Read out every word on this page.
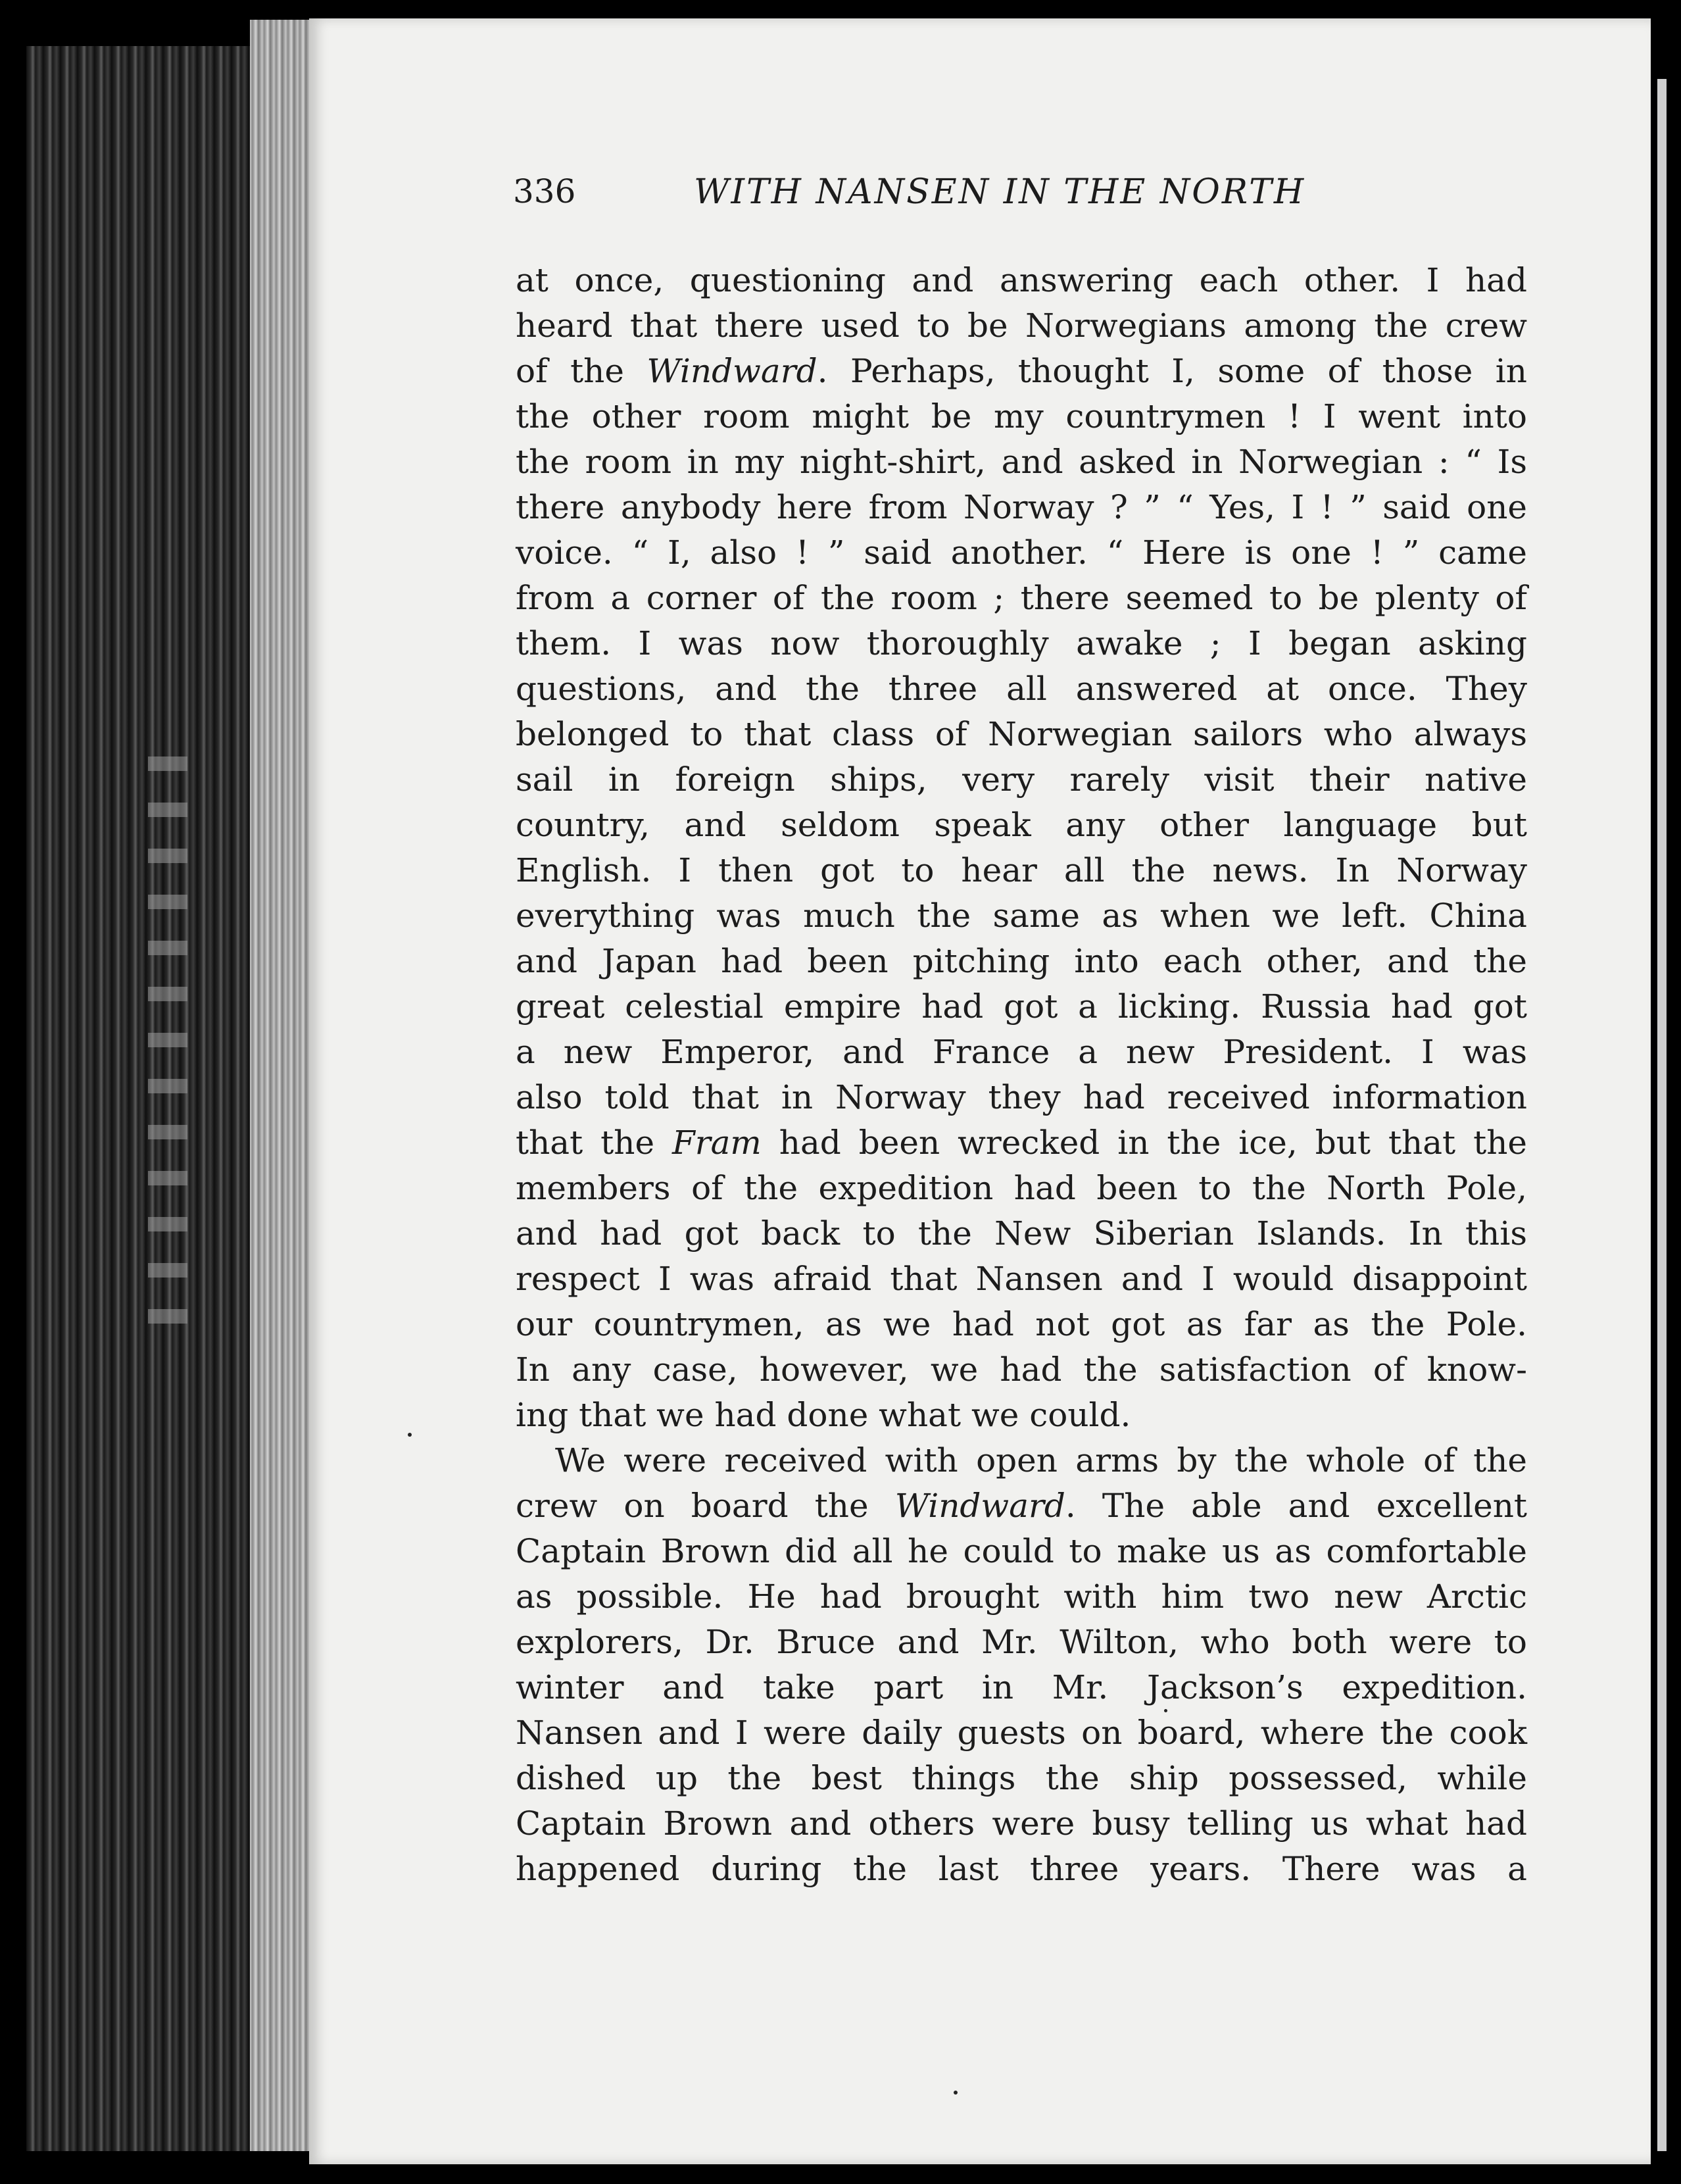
336	WITH NANSEN IN THE NORTH
at once, questioning and answering each other. I had
heard that there used to be Norwegians among the crew
of the Windward. Perhaps, thought I, some of those in
the other room might be my countrymen ! I went into
the room in my night-shirt, and asked in Norwegian : “ Is
there anybody here from Norway ? ” “ Yes, I ! ” said one
voice. “ I, also ! ” said another. “ Here is one ! ” came
from a corner of the room ; there seemed to be plenty of
them. I was now thoroughly awake ; I began asking
questions, and the three all answered at once. They
belonged to that class of Norwegian sailors who always
sail in foreign ships, very rarely visit their native
country, and seldom speak any other language but
English. I then got to hear all the news. In Norway
everything was much the same as when we left. China
and Japan had been pitching into each other, and the
great celestial empire had got a licking. Russia had got
a new Emperor, and France a new President. I was
also told that in Norway they had received information
that the Fram had been wrecked in the ice, but that the
members of the expedition had been to the North Pole,
and had got back to the New Siberian Islands. In this
respect I was afraid that Nansen and I would disappoint
our countrymen, as we had not got as far as the Pole.
In any case, however, we had the satisfaction of know-
ing that we had done what we could.
We were received with open arms by the whole of the
crew on board the Windward. The able and excellent
Captain Brown did all he could to make us as comfortable
as possible. He had brought with him two new Arctic
explorers, Dr. Bruce and Mr. Wilton, who both were to
winter and take part in Mr. Jackson’s expedition.
Nansen and I were daily guests on board, where the cook
dished up the best things the ship possessed, while
Captain Brown and others were busy telling us what had
happened during the last three years. There was a
